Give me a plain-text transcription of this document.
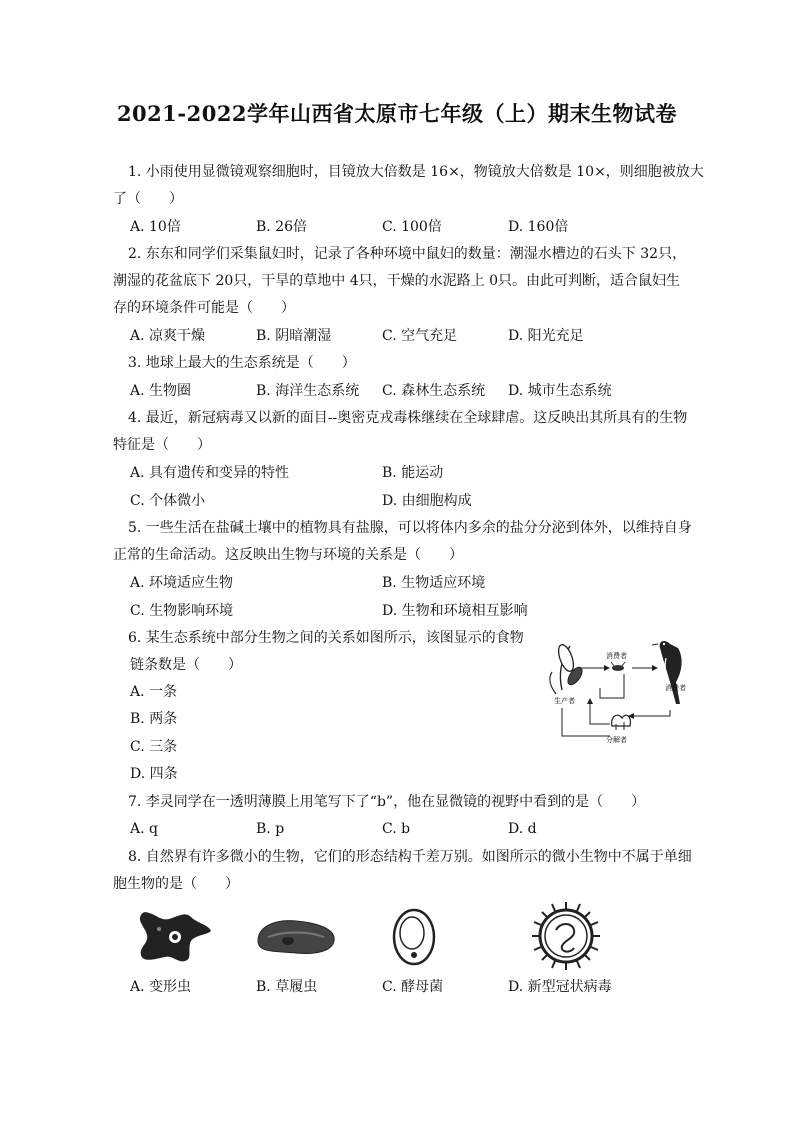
2021-2022学年山西省太原市七年级（上）期末生物试卷
1. 小雨使用显微镜观察细胞时，目镜放大倍数是 16×，物镜放大倍数是 10×，则细胞被放大
了（　　）
A. 10倍	B. 26倍	C. 100倍	D. 160倍
2. 东东和同学们采集鼠妇时，记录了各种环境中鼠妇的数量：潮湿水槽边的石头下 32只，
潮湿的花盆底下 20只，干旱的草地中 4只，干燥的水泥路上 0只。由此可判断，适合鼠妇生
存的环境条件可能是（　　）
A. 凉爽干燥	B. 阴暗潮湿	C. 空气充足	D. 阳光充足
3. 地球上最大的生态系统是（　　）
A. 生物圈	B. 海洋生态系统 C. 森林生态系统 D. 城市生态系统
4. 最近，新冠病毒又以新的面目--奥密克戎毒株继续在全球肆虐。这反映出其所具有的生物
特征是（　　）
A. 具有遗传和变异的特性	B. 能运动
C. 个体微小	D. 由细胞构成
5. 一些生活在盐碱土壤中的植物具有盐腺，可以将体内多余的盐分分泌到体外，以维持自身
正常的生命活动。这反映出生物与环境的关系是（　　）
A. 环境适应生物	B. 生物适应环境
C. 生物影响环境	D. 生物和环境相互影响
6. 某生态系统中部分生物之间的关系如图所示，该图显示的食物
链条数是（　　）
A. 一条
B. 两条
C. 三条
D. 四条
生产者
消费者
消费者
分解者
7. 李灵同学在一透明薄膜上用笔写下了“b”，他在显微镜的视野中看到的是（　　）
A. q	B. p	C. b	D. d
8. 自然界有许多微小的生物，它们的形态结构千差万别。如图所示的微小生物中不属于单细
胞生物的是（　　）
A. 变形虫	B. 草履虫	C. 酵母菌	D. 新型冠状病毒
